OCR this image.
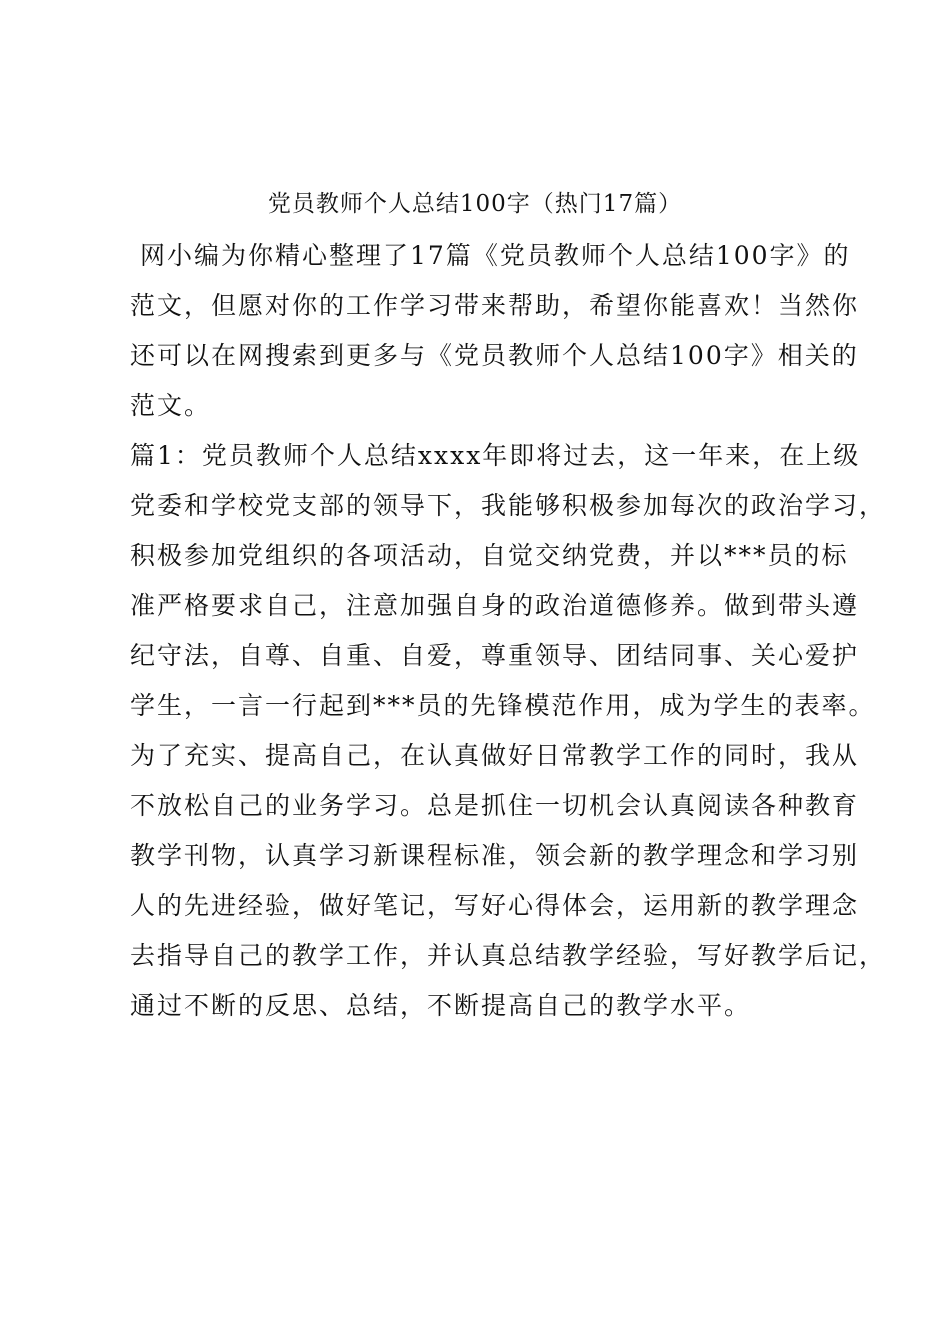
党员教师个人总结100字（热门17篇）
网小编为你精心整理了17篇《党员教师个人总结100字》的
范文，但愿对你的工作学习带来帮助，希望你能喜欢！当然你
还可以在网搜索到更多与《党员教师个人总结100字》相关的
范文。
篇1：党员教师个人总结xxxx年即将过去，这一年来，在上级
党委和学校党支部的领导下，我能够积极参加每次的政治学习，
积极参加党组织的各项活动，自觉交纳党费，并以***员的标
准严格要求自己，注意加强自身的政治道德修养。做到带头遵
纪守法，自尊、自重、自爱，尊重领导、团结同事、关心爱护
学生，一言一行起到***员的先锋模范作用，成为学生的表率。
为了充实、提高自己，在认真做好日常教学工作的同时，我从
不放松自己的业务学习。总是抓住一切机会认真阅读各种教育
教学刊物，认真学习新课程标准，领会新的教学理念和学习别
人的先进经验，做好笔记，写好心得体会，运用新的教学理念
去指导自己的教学工作，并认真总结教学经验，写好教学后记，
通过不断的反思、总结，不断提高自己的教学水平。
